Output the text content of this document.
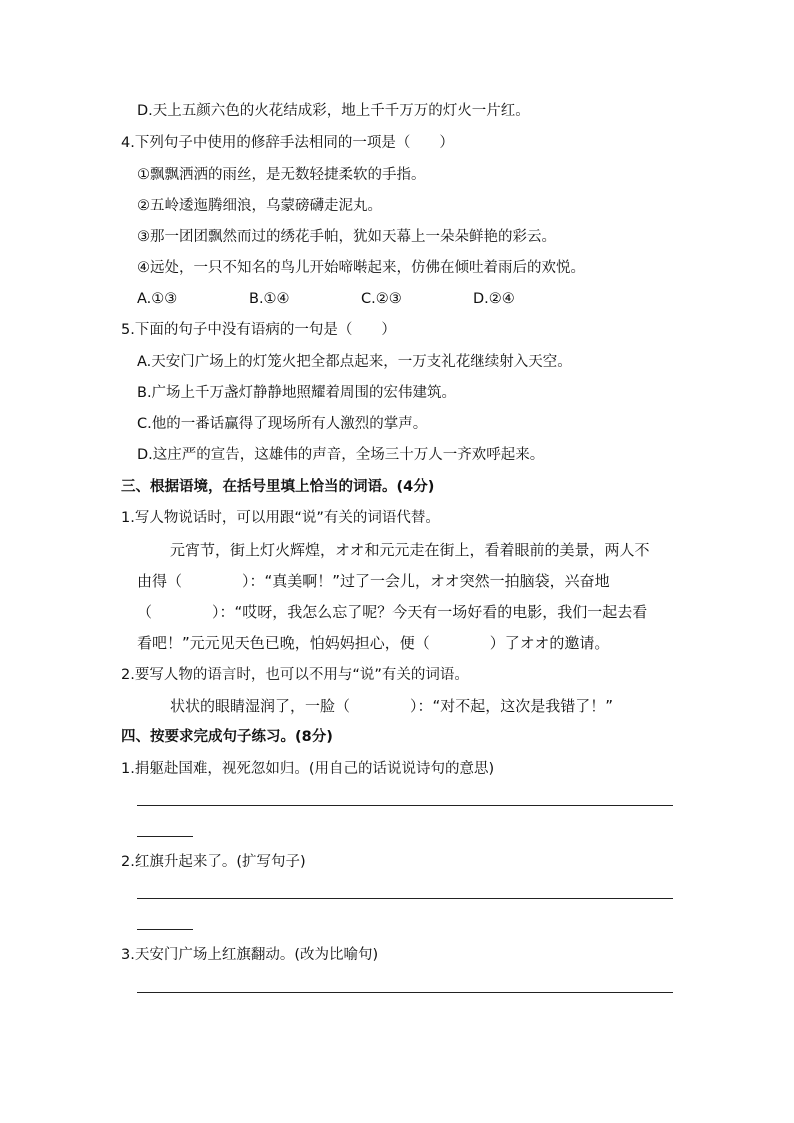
D.天上五颜六色的火花结成彩，地上千千万万的灯火一片红。
4.下列句子中使用的修辞手法相同的一项是（　　）
①飘飘洒洒的雨丝，是无数轻捷柔软的手指。
②五岭逶迤腾细浪，乌蒙磅礴走泥丸。
③那一团团飘然而过的绣花手帕，犹如天幕上一朵朵鲜艳的彩云。
④远处，一只不知名的鸟儿开始啼啭起来，仿佛在倾吐着雨后的欢悦。
A.①③	B.①④	C.②③	D.②④
5.下面的句子中没有语病的一句是（　　）
A.天安门广场上的灯笼火把全都点起来，一万支礼花继续射入天空。
B.广场上千万盏灯静静地照耀着周围的宏伟建筑。
C.他的一番话赢得了现场所有人激烈的掌声。
D.这庄严的宣告，这雄伟的声音，全场三十万人一齐欢呼起来。
三、根据语境，在括号里填上恰当的词语。(4分)
1.写人物说话时，可以用跟“说”有关的词语代替。
元宵节，街上灯火辉煌，オオ和元元走在街上，看着眼前的美景，两人不
由得（　　　　）：“真美啊！”过了一会儿，オオ突然一拍脑袋，兴奋地
（　　　　）：“哎呀，我怎么忘了呢？今天有一场好看的电影，我们一起去看
看吧！”元元见天色已晚，怕妈妈担心，便（　　　　）了オオ的邀请。
2.要写人物的语言时，也可以不用与“说”有关的词语。
状状的眼睛湿润了，一脸（　　　　）：“对不起，这次是我错了！”
四、按要求完成句子练习。(8分)
1.捐躯赴国难，视死忽如归。(用自己的话说说诗句的意思)
2.红旗升起来了。(扩写句子)
3.天安门广场上红旗翻动。(改为比喻句)
